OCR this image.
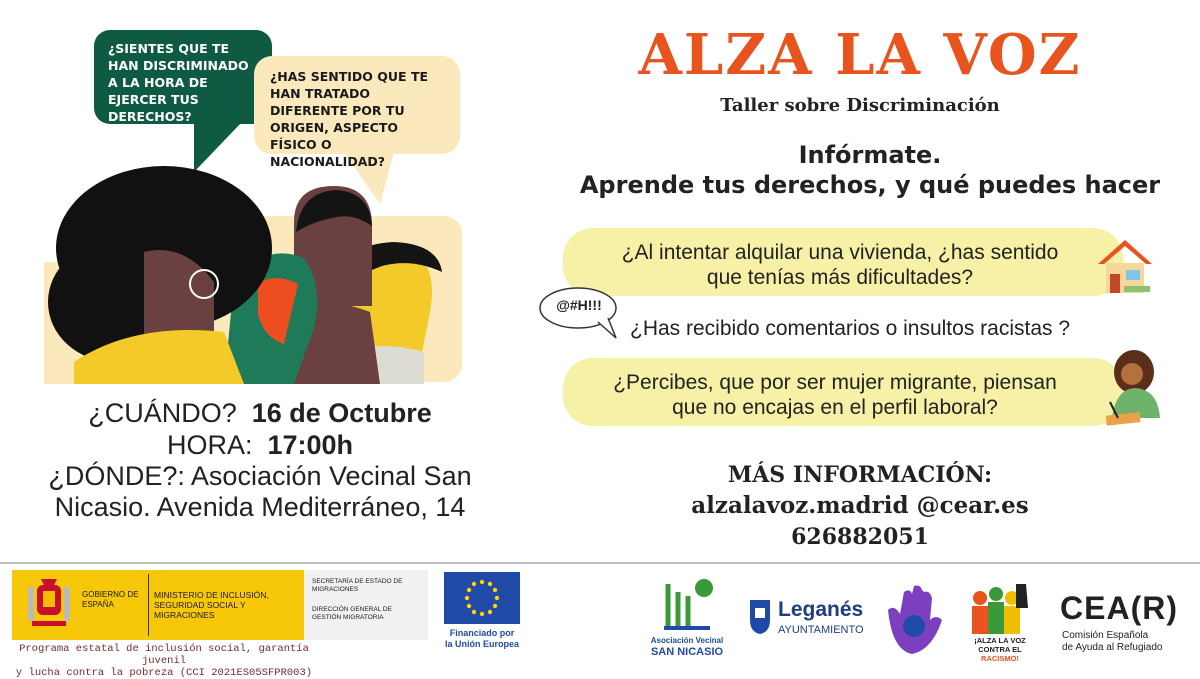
¿SIENTES QUE TE HAN DISCRIMINADO A LA HORA DE EJERCER TUS DERECHOS?
¿HAS SENTIDO QUE TE HAN TRATADO DIFERENTE POR TU ORIGEN, ASPECTO FÍSICO O NACIONALIDAD?
¿CUÁNDO? 16 de Octubre
HORA: 17:00h
¿DÓNDE?: Asociación Vecinal San
Nicasio. Avenida Mediterráneo, 14
ALZA LA VOZ
Taller sobre Discriminación
Infórmate.
Aprende tus derechos, y qué puedes hacer
¿Al intentar alquilar una vivienda, ¿has sentido
que tenías más dificultades?
@#H!!!
¿Has recibido comentarios o insultos racistas ?
¿Percibes, que por ser mujer migrante, piensan
que no encajas en el perfil laboral?
MÁS INFORMACIÓN:
alzalavoz.madrid @cear.es
626882051
GOBIERNO DE ESPAÑA
MINISTERIO DE INCLUSIÓN, SEGURIDAD SOCIAL Y MIGRACIONES
SECRETARÍA DE ESTADO DE MIGRACIONES
DIRECCIÓN GENERAL DE GESTIÓN MIGRATORIA
Programa estatal de inclusión social, garantía juvenil
y lucha contra la pobreza (CCI 2021ES05SFPR003)
Financiado por
la Unión Europea	Asociación Vecinal
SAN NICASIO
Leganés
AYUNTAMIENTO
¡ALZA LA VOZ
CONTRA EL
RACISMO!
CEA(R)
Comisión Española
de Ayuda al Refugiado
